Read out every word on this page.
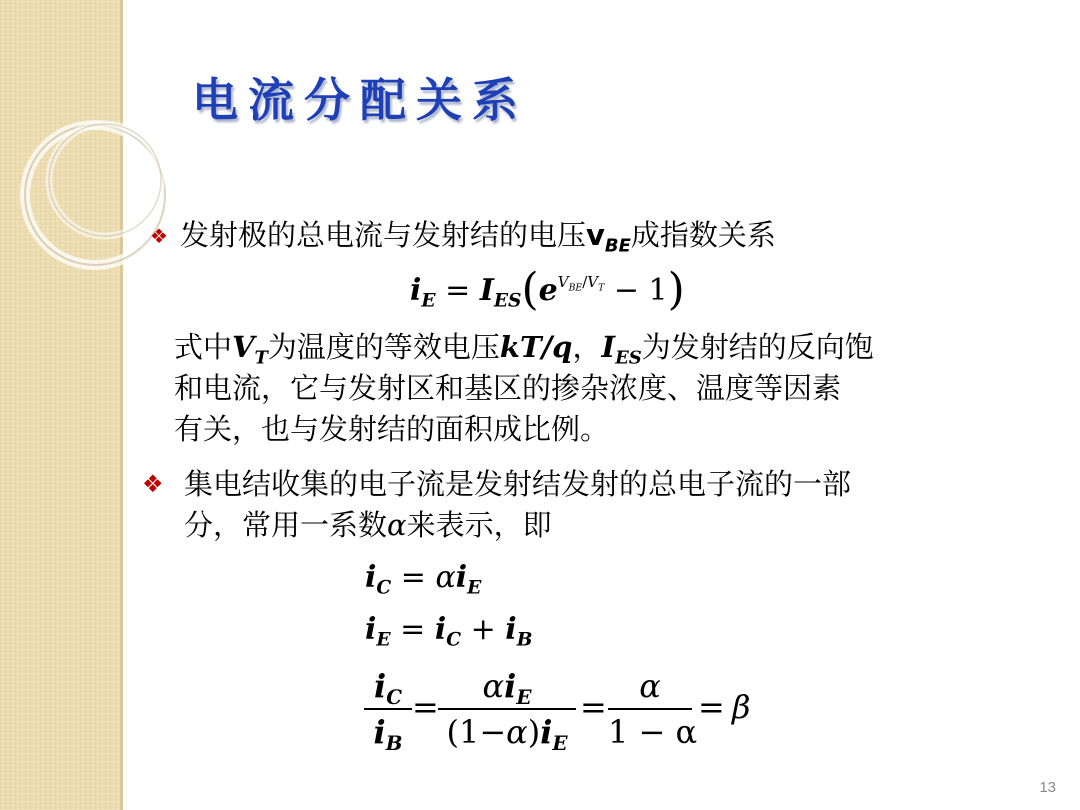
电流分配关系
❖ 发射极的总电流与发射结的电压$v_{BE}$成指数关系
$i_E = I_{ES}(e^{V_{BE}/V_T} - 1)$
式中$V_T$为温度的等效电压kT/q，$I_{ES}$为发射结的反向饱
和电流，它与发射区和基区的掺杂浓度、温度等因素
有关，也与发射结的面积成比例。
❖ 集电结收集的电子流是发射结发射的总电子流的一部
分，常用一系数α来表示，即
$i_C = \alpha i_E$
$i_E = i_C + i_B$
$\frac{i_C}{i_B}$ =
$\alpha i_E$
$(1-\alpha)i_E$
= $\frac{\alpha}{1 - \alpha} = \beta$
13
